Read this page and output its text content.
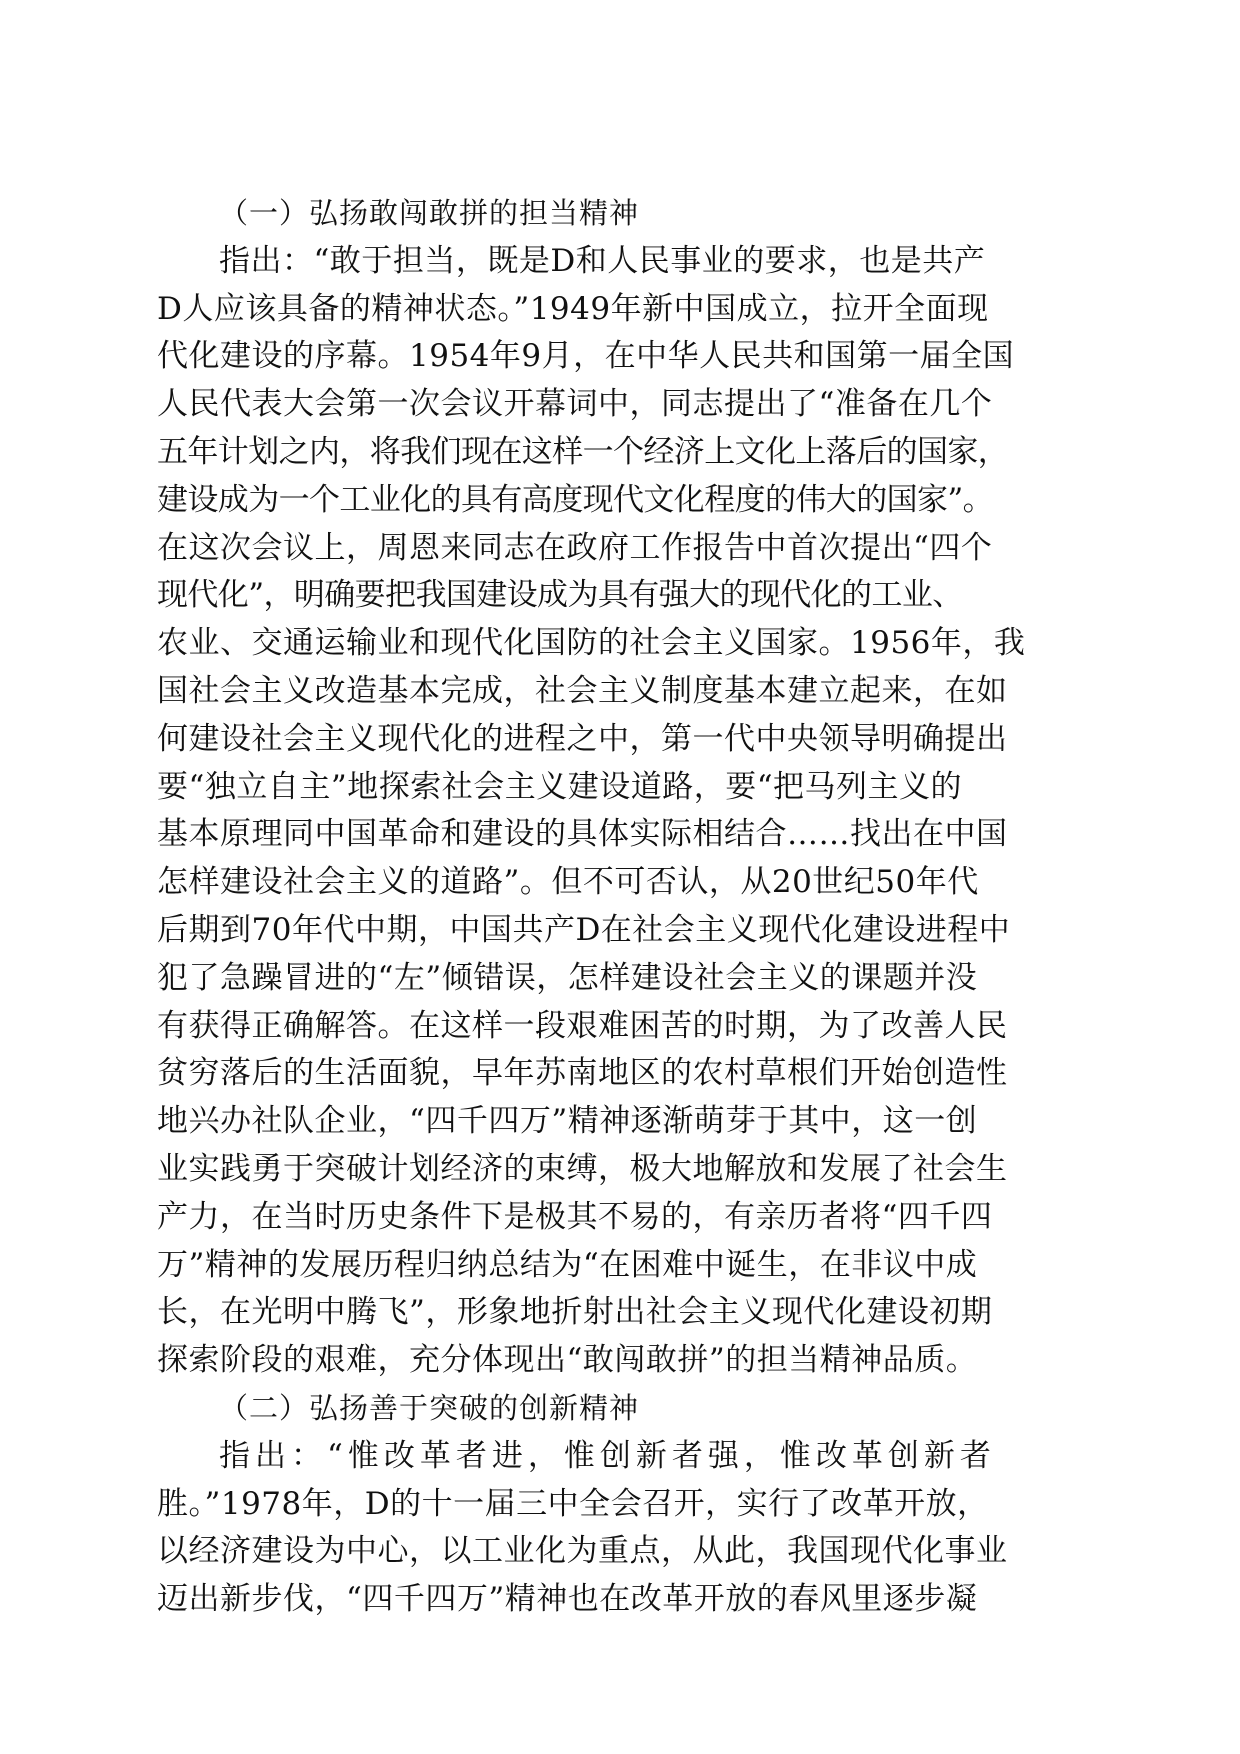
（一）弘扬敢闯敢拼的担当精神
指出：“敢于担当，既是D和人民事业的要求，也是共产
D人应该具备的精神状态。”1949年新中国成立，拉开全面现
代化建设的序幕。1954年9月，在中华人民共和国第一届全国
人民代表大会第一次会议开幕词中，同志提出了“准备在几个
五年计划之内，将我们现在这样一个经济上文化上落后的国家，
建设成为一个工业化的具有高度现代文化程度的伟大的国家”。
在这次会议上，周恩来同志在政府工作报告中首次提出“四个
现代化”，明确要把我国建设成为具有强大的现代化的工业、
农业、交通运输业和现代化国防的社会主义国家。1956年，我
国社会主义改造基本完成，社会主义制度基本建立起来，在如
何建设社会主义现代化的进程之中，第一代中央领导明确提出
要“独立自主”地探索社会主义建设道路，要“把马列主义的
基本原理同中国革命和建设的具体实际相结合……找出在中国
怎样建设社会主义的道路”。但不可否认，从20世纪50年代
后期到70年代中期，中国共产D在社会主义现代化建设进程中
犯了急躁冒进的“左”倾错误，怎样建设社会主义的课题并没
有获得正确解答。在这样一段艰难困苦的时期，为了改善人民
贫穷落后的生活面貌，早年苏南地区的农村草根们开始创造性
地兴办社队企业，“四千四万”精神逐渐萌芽于其中，这一创
业实践勇于突破计划经济的束缚，极大地解放和发展了社会生
产力，在当时历史条件下是极其不易的，有亲历者将“四千四
万”精神的发展历程归纳总结为“在困难中诞生，在非议中成
长，在光明中腾飞”，形象地折射出社会主义现代化建设初期
探索阶段的艰难，充分体现出“敢闯敢拼”的担当精神品质。
（二）弘扬善于突破的创新精神
指出：“惟改革者进，惟创新者强，惟改革创新者
胜。”1978年，D的十一届三中全会召开，实行了改革开放，
以经济建设为中心，以工业化为重点，从此，我国现代化事业
迈出新步伐，“四千四万”精神也在改革开放的春风里逐步凝
